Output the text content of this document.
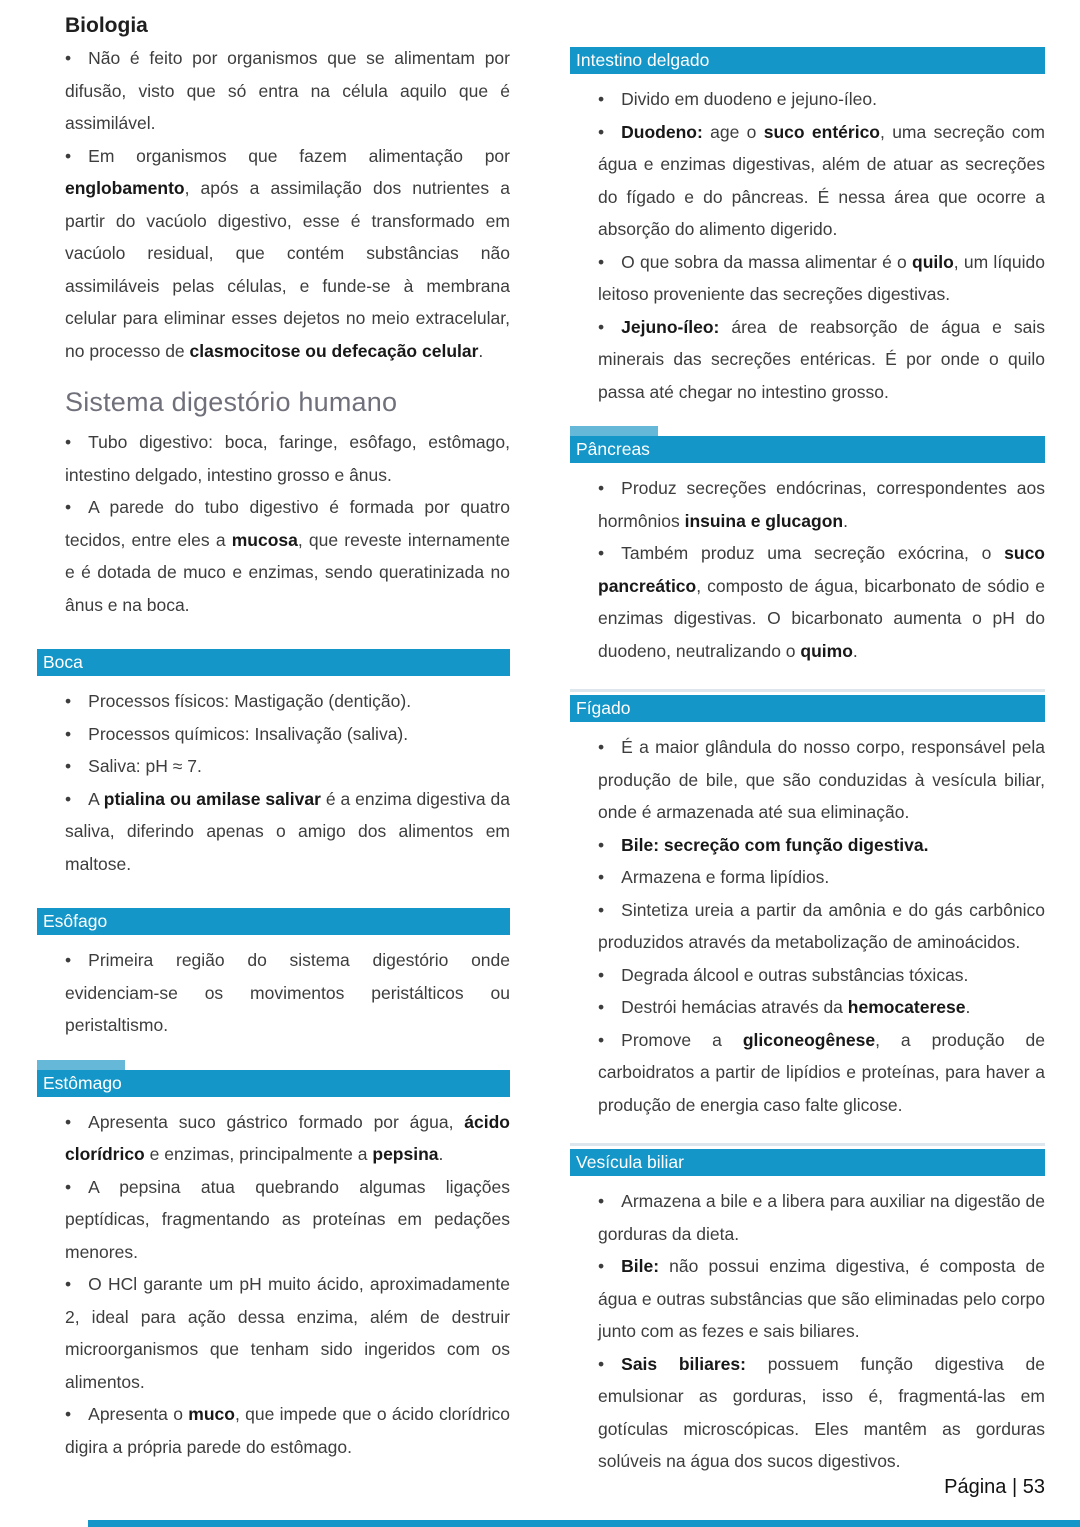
Biologia

• Não é feito por organismos que se alimentam por difusão, visto que só entra na célula aquilo que é assimilável.

• Em organismos que fazem alimentação por englobamento, após a assimilação dos nutrientes a partir do vacúolo digestivo, esse é transformado em vacúolo residual, que contém substâncias não assimiláveis pelas células, e funde-se à membrana celular para eliminar esses dejetos no meio extracelular, no processo de clasmocitose ou defecação celular.

Sistema digestório humano

• Tubo digestivo: boca, faringe, esôfago, estômago, intestino delgado, intestino grosso e ânus.

• A parede do tubo digestivo é formada por quatro tecidos, entre eles a mucosa, que reveste internamente e é dotada de muco e enzimas, sendo queratinizada no ânus e na boca.

Boca

• Processos físicos: Mastigação (dentição).

• Processos químicos: Insalivação (saliva).

• Saliva: pH ≈ 7.

• A ptialina ou amilase salivar é a enzima digestiva da saliva, diferindo apenas o amigo dos alimentos em maltose.

Esôfago

• Primeira região do sistema digestório onde evidenciam-se os movimentos peristálticos ou peristaltismo.

Estômago

• Apresenta suco gástrico formado por água, ácido clorídrico e enzimas, principalmente a pepsina.

• A pepsina atua quebrando algumas ligações peptídicas, fragmentando as proteínas em pedações menores.

• O HCl garante um pH muito ácido, aproximadamente 2, ideal para ação dessa enzima, além de destruir microorganismos que tenham sido ingeridos com os alimentos.

• Apresenta o muco, que impede que o ácido clorídrico digira a própria parede do estômago.

Intestino delgado

• Divido em duodeno e jejuno-íleo.

• Duodeno: age o suco entérico, uma secreção com água e enzimas digestivas, além de atuar as secreções do fígado e do pâncreas. É nessa área que ocorre a absorção do alimento digerido.

• O que sobra da massa alimentar é o quilo, um líquido leitoso proveniente das secreções digestivas.

• Jejuno-íleo: área de reabsorção de água e sais minerais das secreções entéricas. É por onde o quilo passa até chegar no intestino grosso.

Pâncreas

• Produz secreções endócrinas, correspondentes aos hormônios insuina e glucagon.

• Também produz uma secreção exócrina, o suco pancreático, composto de água, bicarbonato de sódio e enzimas digestivas. O bicarbonato aumenta o pH do duodeno, neutralizando o quimo.

Fígado

• É a maior glândula do nosso corpo, responsável pela produção de bile, que são conduzidas à vesícula biliar, onde é armazenada até sua eliminação.

• Bile: secreção com função digestiva.

• Armazena e forma lipídios.

• Sintetiza ureia a partir da amônia e do gás carbônico produzidos através da metabolização de aminoácidos.

• Degrada álcool e outras substâncias tóxicas.

• Destrói hemácias através da hemocaterese.

• Promove a gliconeogênese, a produção de carboidratos a partir de lipídios e proteínas, para haver a produção de energia caso falte glicose.

Vesícula biliar

• Armazena a bile e a libera para auxiliar na digestão de gorduras da dieta.

• Bile: não possui enzima digestiva, é composta de água e outras substâncias que são eliminadas pelo corpo junto com as fezes e sais biliares.

• Sais biliares: possuem função digestiva de emulsionar as gorduras, isso é, fragmentá-las em gotículas microscópicas. Eles mantêm as gorduras solúveis na água dos sucos digestivos.

Página | 53
